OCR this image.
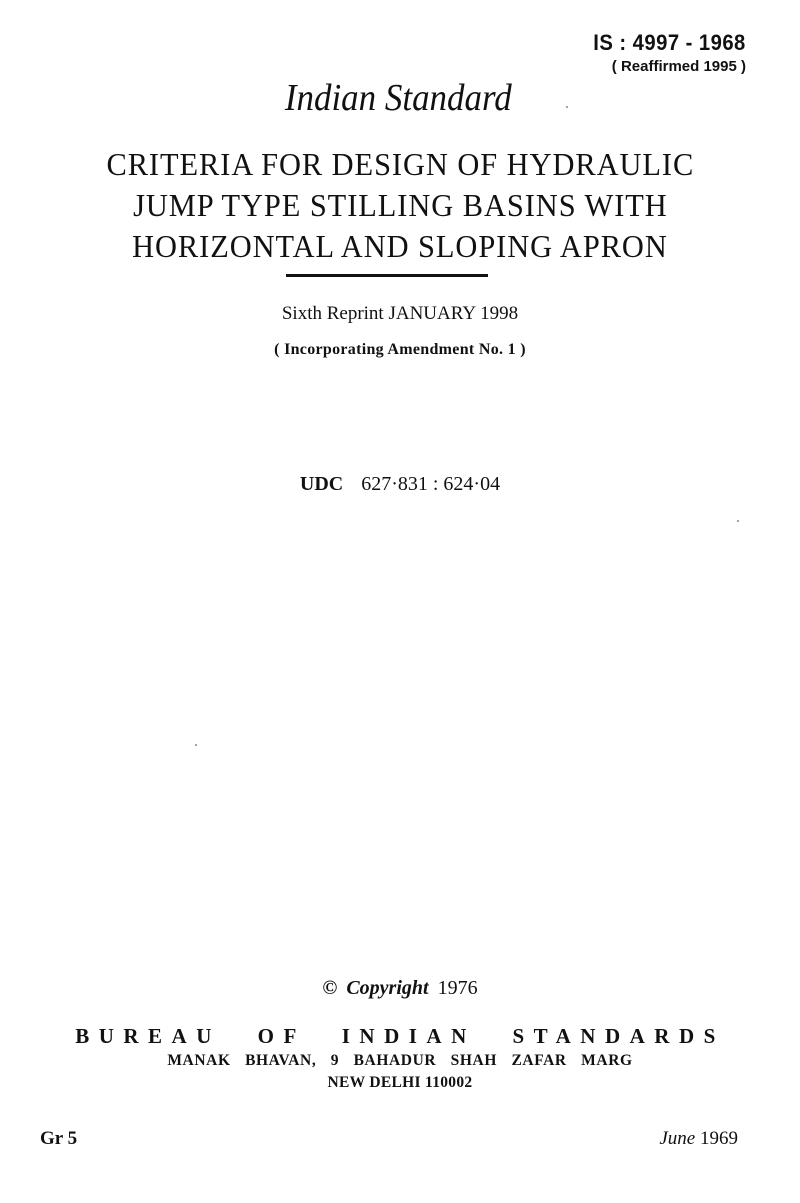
IS : 4997 - 1968
( Reaffirmed 1995 )
Indian Standard
CRITERIA FOR DESIGN OF HYDRAULIC
JUMP TYPE STILLING BASINS WITH
HORIZONTAL AND SLOPING APRON
Sixth Reprint JANUARY 1998
( Incorporating Amendment No. 1 )
UDC 627·831 : 624·04
© Copyright 1976
BUREAU OF INDIAN STANDARDS
MANAK BHAVAN, 9 BAHADUR SHAH ZAFAR MARG
NEW DELHI 110002
Gr 5	June 1969
